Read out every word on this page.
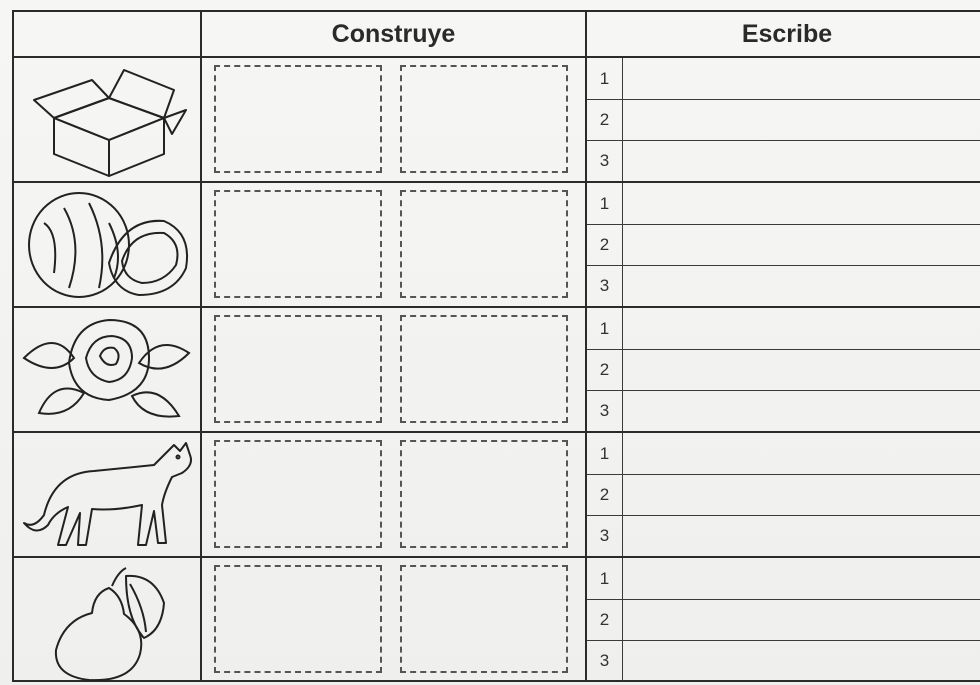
Construye	Escribe
1
2
3
1
2
3
1
2
3
1
2
3
1
2
3
